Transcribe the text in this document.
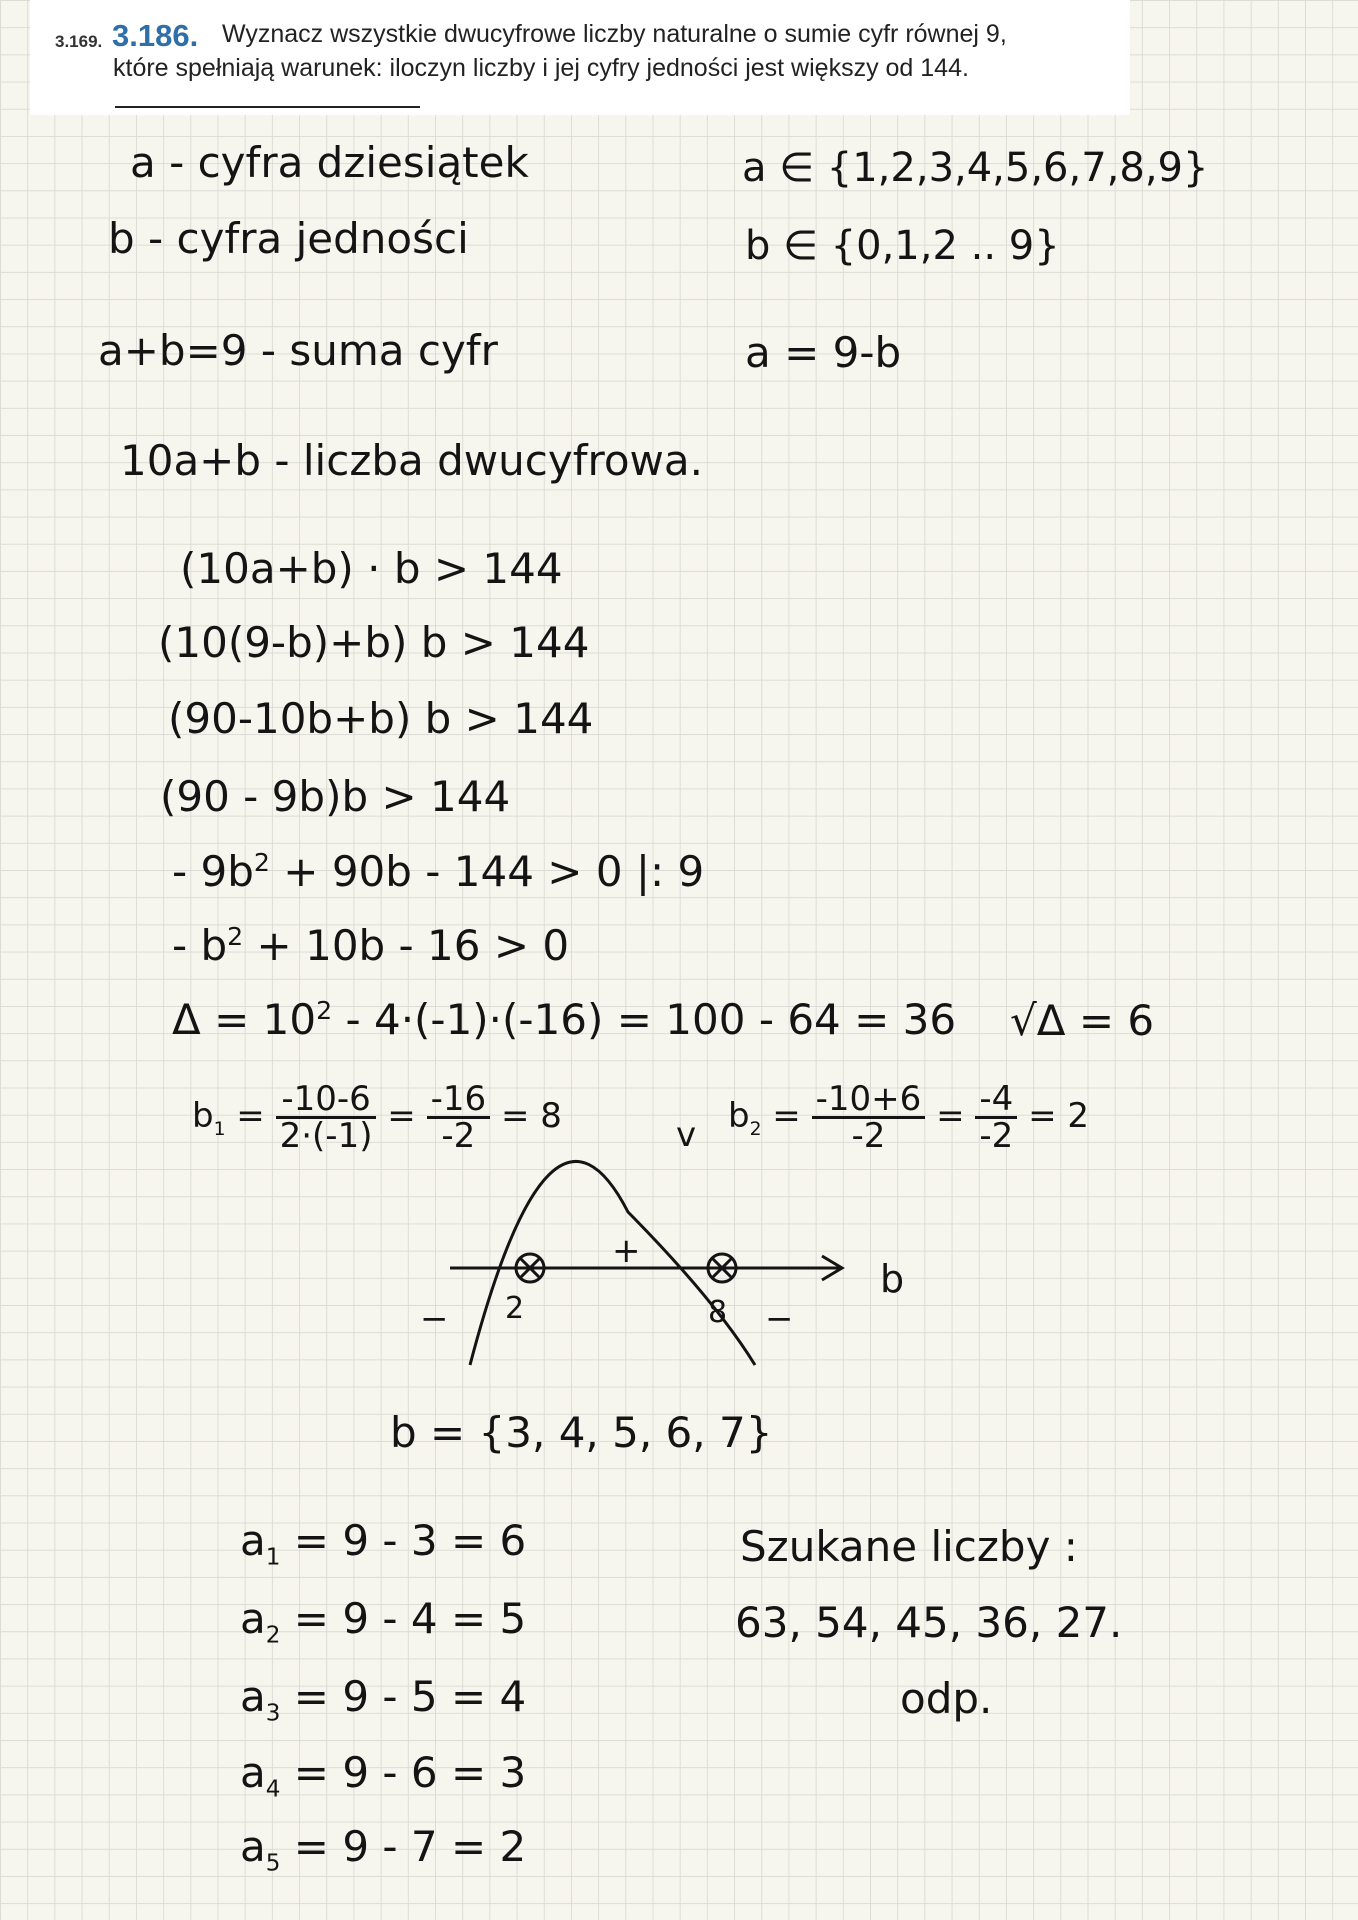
3.169. 3.186. Wyznacz wszystkie dwucyfrowe liczby naturalne o sumie cyfr równej 9,
które spełniają warunek: iloczyn liczby i jej cyfry jedności jest większy od 144.
a - cyfra dziesiątek
b - cyfra jedności
a ∈ {1,2,3,4,5,6,7,8,9}
b ∈ {0,1,2 .. 9}
a+b=9 - suma cyfr	a = 9-b
10a+b - liczba dwucyfrowa.
(10a+b) · b > 144
(10(9-b)+b) b > 144
(90-10b+b) b > 144
(90 - 9b)b > 144
- $9b^2 + 90b - 144 > 0$ |: 9
- $b^2 + 10b - 16 > 0$
$\Delta = 10^2 - 4\cdot(-1)\cdot(-16) = 100 - 64 = 36$ √Δ = 6
$b_1 = \frac{-10-6}{2\cdot(-1)} = \frac{-16}{-2} = 8$	v $b_2 = \frac{-10+6}{-2} = \frac{-4}{-2} = 2$
b
2	8
+
−	−
b = {3, 4, 5, 6, 7}
$a_1 = 9 - 3 = 6$
$a_2 = 9 - 4 = 5$
$a_3 = 9 - 5 = 4$
$a_4 = 9 - 6 = 3$
$a_5 = 9 - 7 = 2$
Szukane liczby :
63, 54, 45, 36, 27.
odp.
